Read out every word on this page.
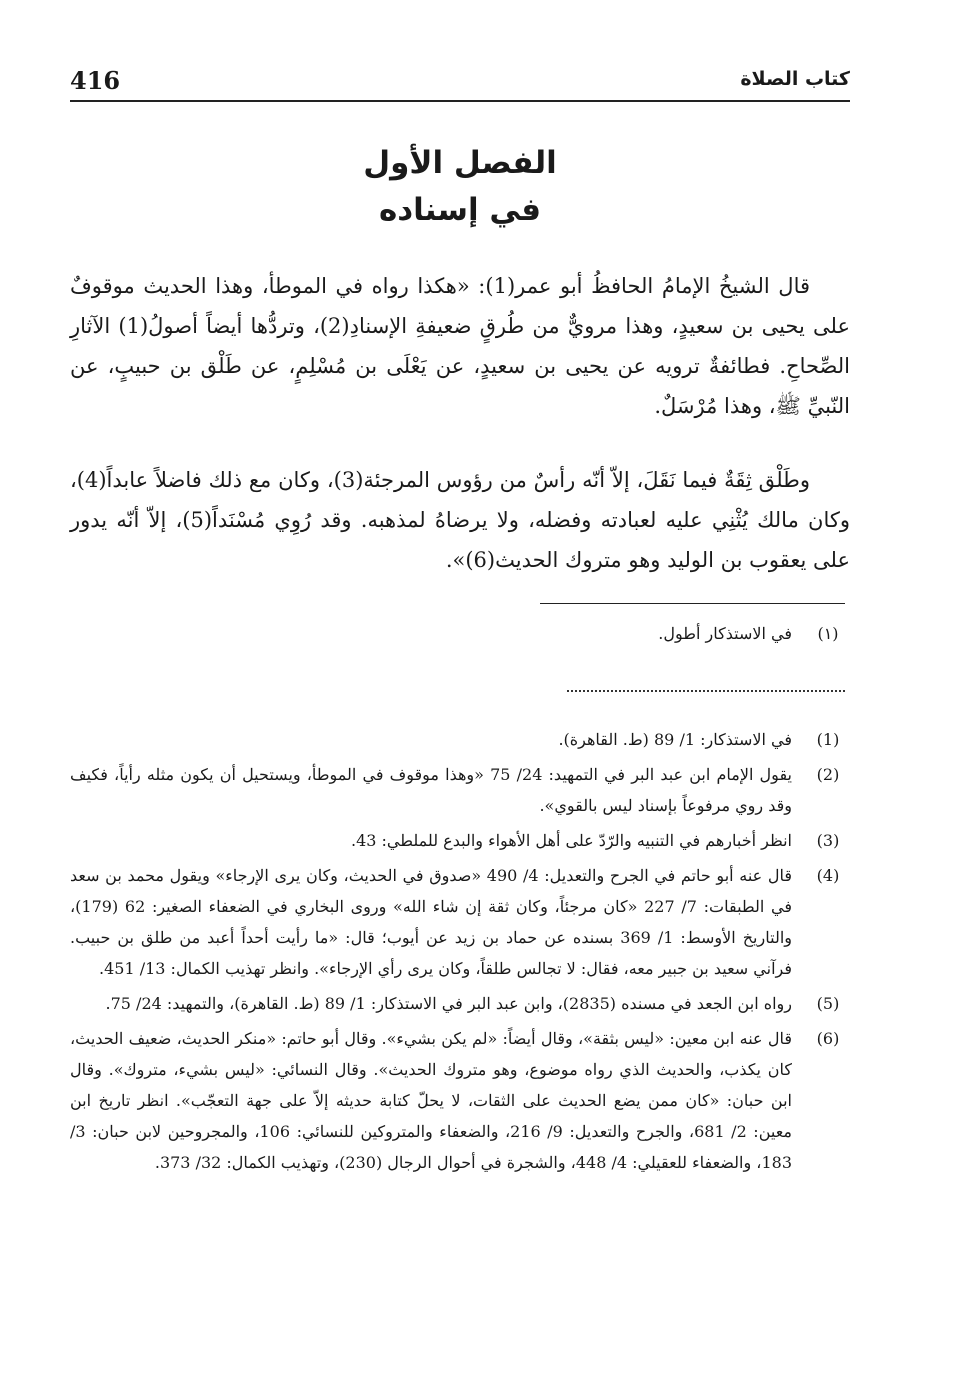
416	كتاب الصلاة
الفصل الأول
في إسناده
قال الشيخُ الإمامُ الحافظُ أبو عمر(1): «هكذا رواه في الموطأ، وهذا الحديث موقوفٌ على يحيى بن سعيدٍ، وهذا مرويٌّ من طُرقٍ ضعيفةِ الإسنادِ(2)، وتردُّها أيضاً أصولُ(1) الآثارِ الصِّحاحِ. فطائفةٌ ترويه عن يحيى بن سعيدٍ، عن يَعْلَى بن مُسْلِمٍ، عن طَلْق بن حبيبٍ، عن النّبيِّ ﷺ، وهذا مُرْسَلٌ.
وطَلْق ثِقَةٌ فيما نَقَلَ، إلاّ أنّه رأسٌ من رؤوس المرجئة(3)، وكان مع ذلك فاضلاً عابداً(4)، وكان مالك يُثْنِي عليه لعبادته وفضله، ولا يرضاهُ لمذهبه. وقد رُوِي مُسْنَداً(5)، إلاّ أنّه يدور على يعقوب بن الوليد وهو متروك الحديث(6)».
(١)
في الاستذكار أطول.
(1)
في الاستذكار: 1/ 89 (ط. القاهرة).
(2)
يقول الإمام ابن عبد البر في التمهيد: 24/ 75 «وهذا موقوف في الموطأ، ويستحيل أن يكون مثله رأياً، فكيف وقد روي مرفوعاً بإسناد ليس بالقوي».
(3)
انظر أخبارهم في التنبيه والرّدّ على أهل الأهواء والبدع للملطي: 43.
(4)
قال عنه أبو حاتم في الجرح والتعديل: 4/ 490 «صدوق في الحديث، وكان يرى الإرجاء» ويقول محمد بن سعد في الطبقات: 7/ 227 «كان مرجئاً، وكان ثقة إن شاء الله» وروى البخاري في الضعفاء الصغير: 62 (179)، والتاريخ الأوسط: 1/ 369 بسنده عن حماد بن زيد عن أيوب؛ قال: «ما رأيت أحداً أعبد من طلق بن حبيب. فرآني سعيد بن جبير معه، فقال: لا تجالس طلقاً، وكان يرى رأي الإرجاء». وانظر تهذيب الكمال: 13/ 451.
(5)
رواه ابن الجعد في مسنده (2835)، وابن عبد البر في الاستذكار: 1/ 89 (ط. القاهرة)، والتمهيد: 24/ 75.
(6)
قال عنه ابن معين: «ليس بثقة»، وقال أيضاً: «لم يكن بشيء». وقال أبو حاتم: «منكر الحديث، ضعيف الحديث، كان يكذب، والحديث الذي رواه موضوع، وهو متروك الحديث». وقال النسائي: «ليس بشيء، متروك». وقال ابن حبان: «كان ممن يضع الحديث على الثقات، لا يحلّ كتابة حديثه إلاّ على جهة التعجّب». انظر تاريخ ابن معين: 2/ 681، والجرح والتعديل: 9/ 216، والضعفاء والمتروكين للنسائي: 106، والمجروحين لابن حبان: 3/ 183، والضعفاء للعقيلي: 4/ 448، والشجرة في أحوال الرجال (230)، وتهذيب الكمال: 32/ 373.
